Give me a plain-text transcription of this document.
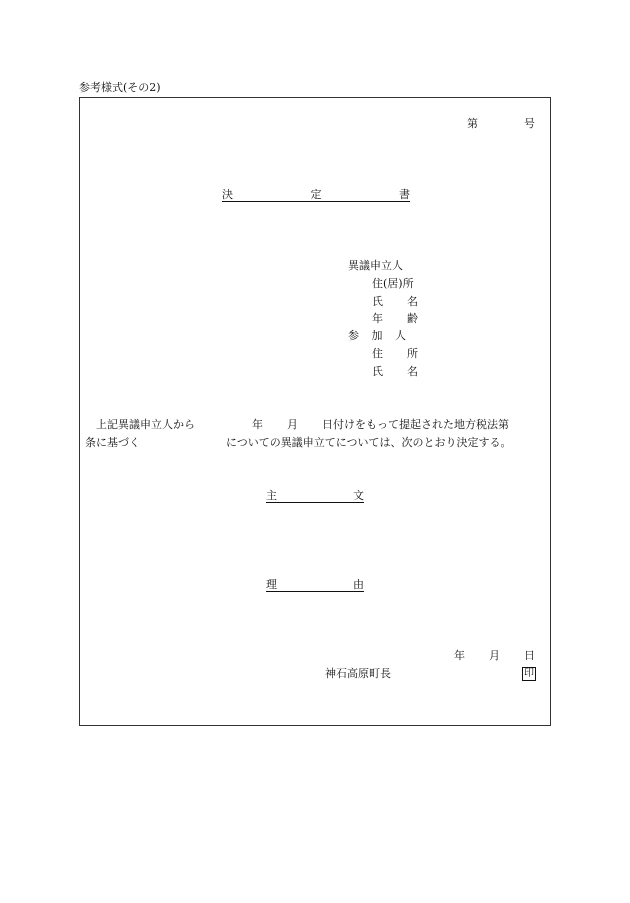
参考様式(その2)
第	号
決	定	書
異議申立人
住(居)所
氏 名
年 齢
参 加 人
住 所
氏 名
上記異議申立人から	年 月 日付けをもって提起された地方税法第
条に基づく	についての異議申立てについては、次のとおり決定する。
主	文
理	由
年 月 日
神石高原町長	印
